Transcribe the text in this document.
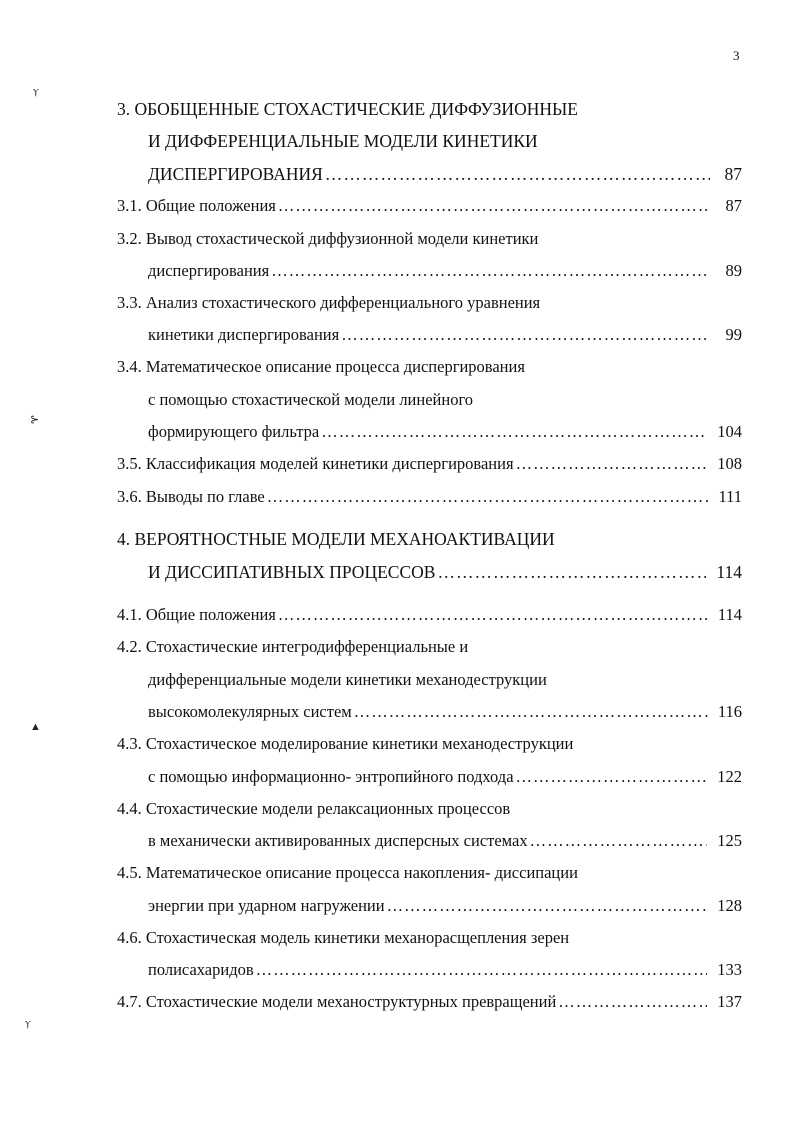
3
ⲩ
⊱
▲
ⲩ
3. ОБОБЩЕННЫЕ СТОХАСТИЧЕСКИЕ ДИФФУЗИОННЫЕ
И ДИФФЕРЕНЦИАЛЬНЫЕ МОДЕЛИ КИНЕТИКИ
ДИСПЕРГИРОВАНИЯ ………………………………………………………………………………………………………………………………………………	87
3.1. Общие положения ………………………………………………………………………………………………………………………………………………	87
3.2. Вывод стохастической диффузионной модели кинетики
диспергирования ………………………………………………………………………………………………………………………………………………	89
3.3. Анализ стохастического дифференциального уравнения
кинетики диспергирования ………………………………………………………………………………………………………………………………………………	99
3.4. Математическое описание процесса диспергирования
с помощью стохастической модели линейного
формирующего фильтра ………………………………………………………………………………………………………………………………………………	104
3.5. Классификация моделей кинетики диспергирования ………………………………………………………………………………………………………………………………………………	108
3.6. Выводы по главе ………………………………………………………………………………………………………………………………………………	111
4. ВЕРОЯТНОСТНЫЕ МОДЕЛИ МЕХАНОАКТИВАЦИИ
И ДИССИПАТИВНЫХ ПРОЦЕССОВ ………………………………………………………………………………………………………………………………………………	114
4.1. Общие положения ………………………………………………………………………………………………………………………………………………	114
4.2. Стохастические интегродифференциальные и
дифференциальные модели кинетики механодеструкции
высокомолекулярных систем ………………………………………………………………………………………………………………………………………………	116
4.3. Стохастическое моделирование кинетики механодеструкции
с помощью информационно- энтропийного подхода ………………………………………………………………………………………………………………………………………………	122
4.4. Стохастические модели релаксационных процессов
в механически активированных дисперсных системах ………………………………………………………………………………………………………………………………………………	125
4.5. Математическое описание процесса накопления- диссипации
энергии при ударном нагружении ………………………………………………………………………………………………………………………………………………	128
4.6. Стохастическая модель кинетики механорасщепления зерен
полисахаридов ………………………………………………………………………………………………………………………………………………	133
4.7. Стохастические модели механоструктурных превращений ………………………………………………………………………………………………………………………………………………	137
